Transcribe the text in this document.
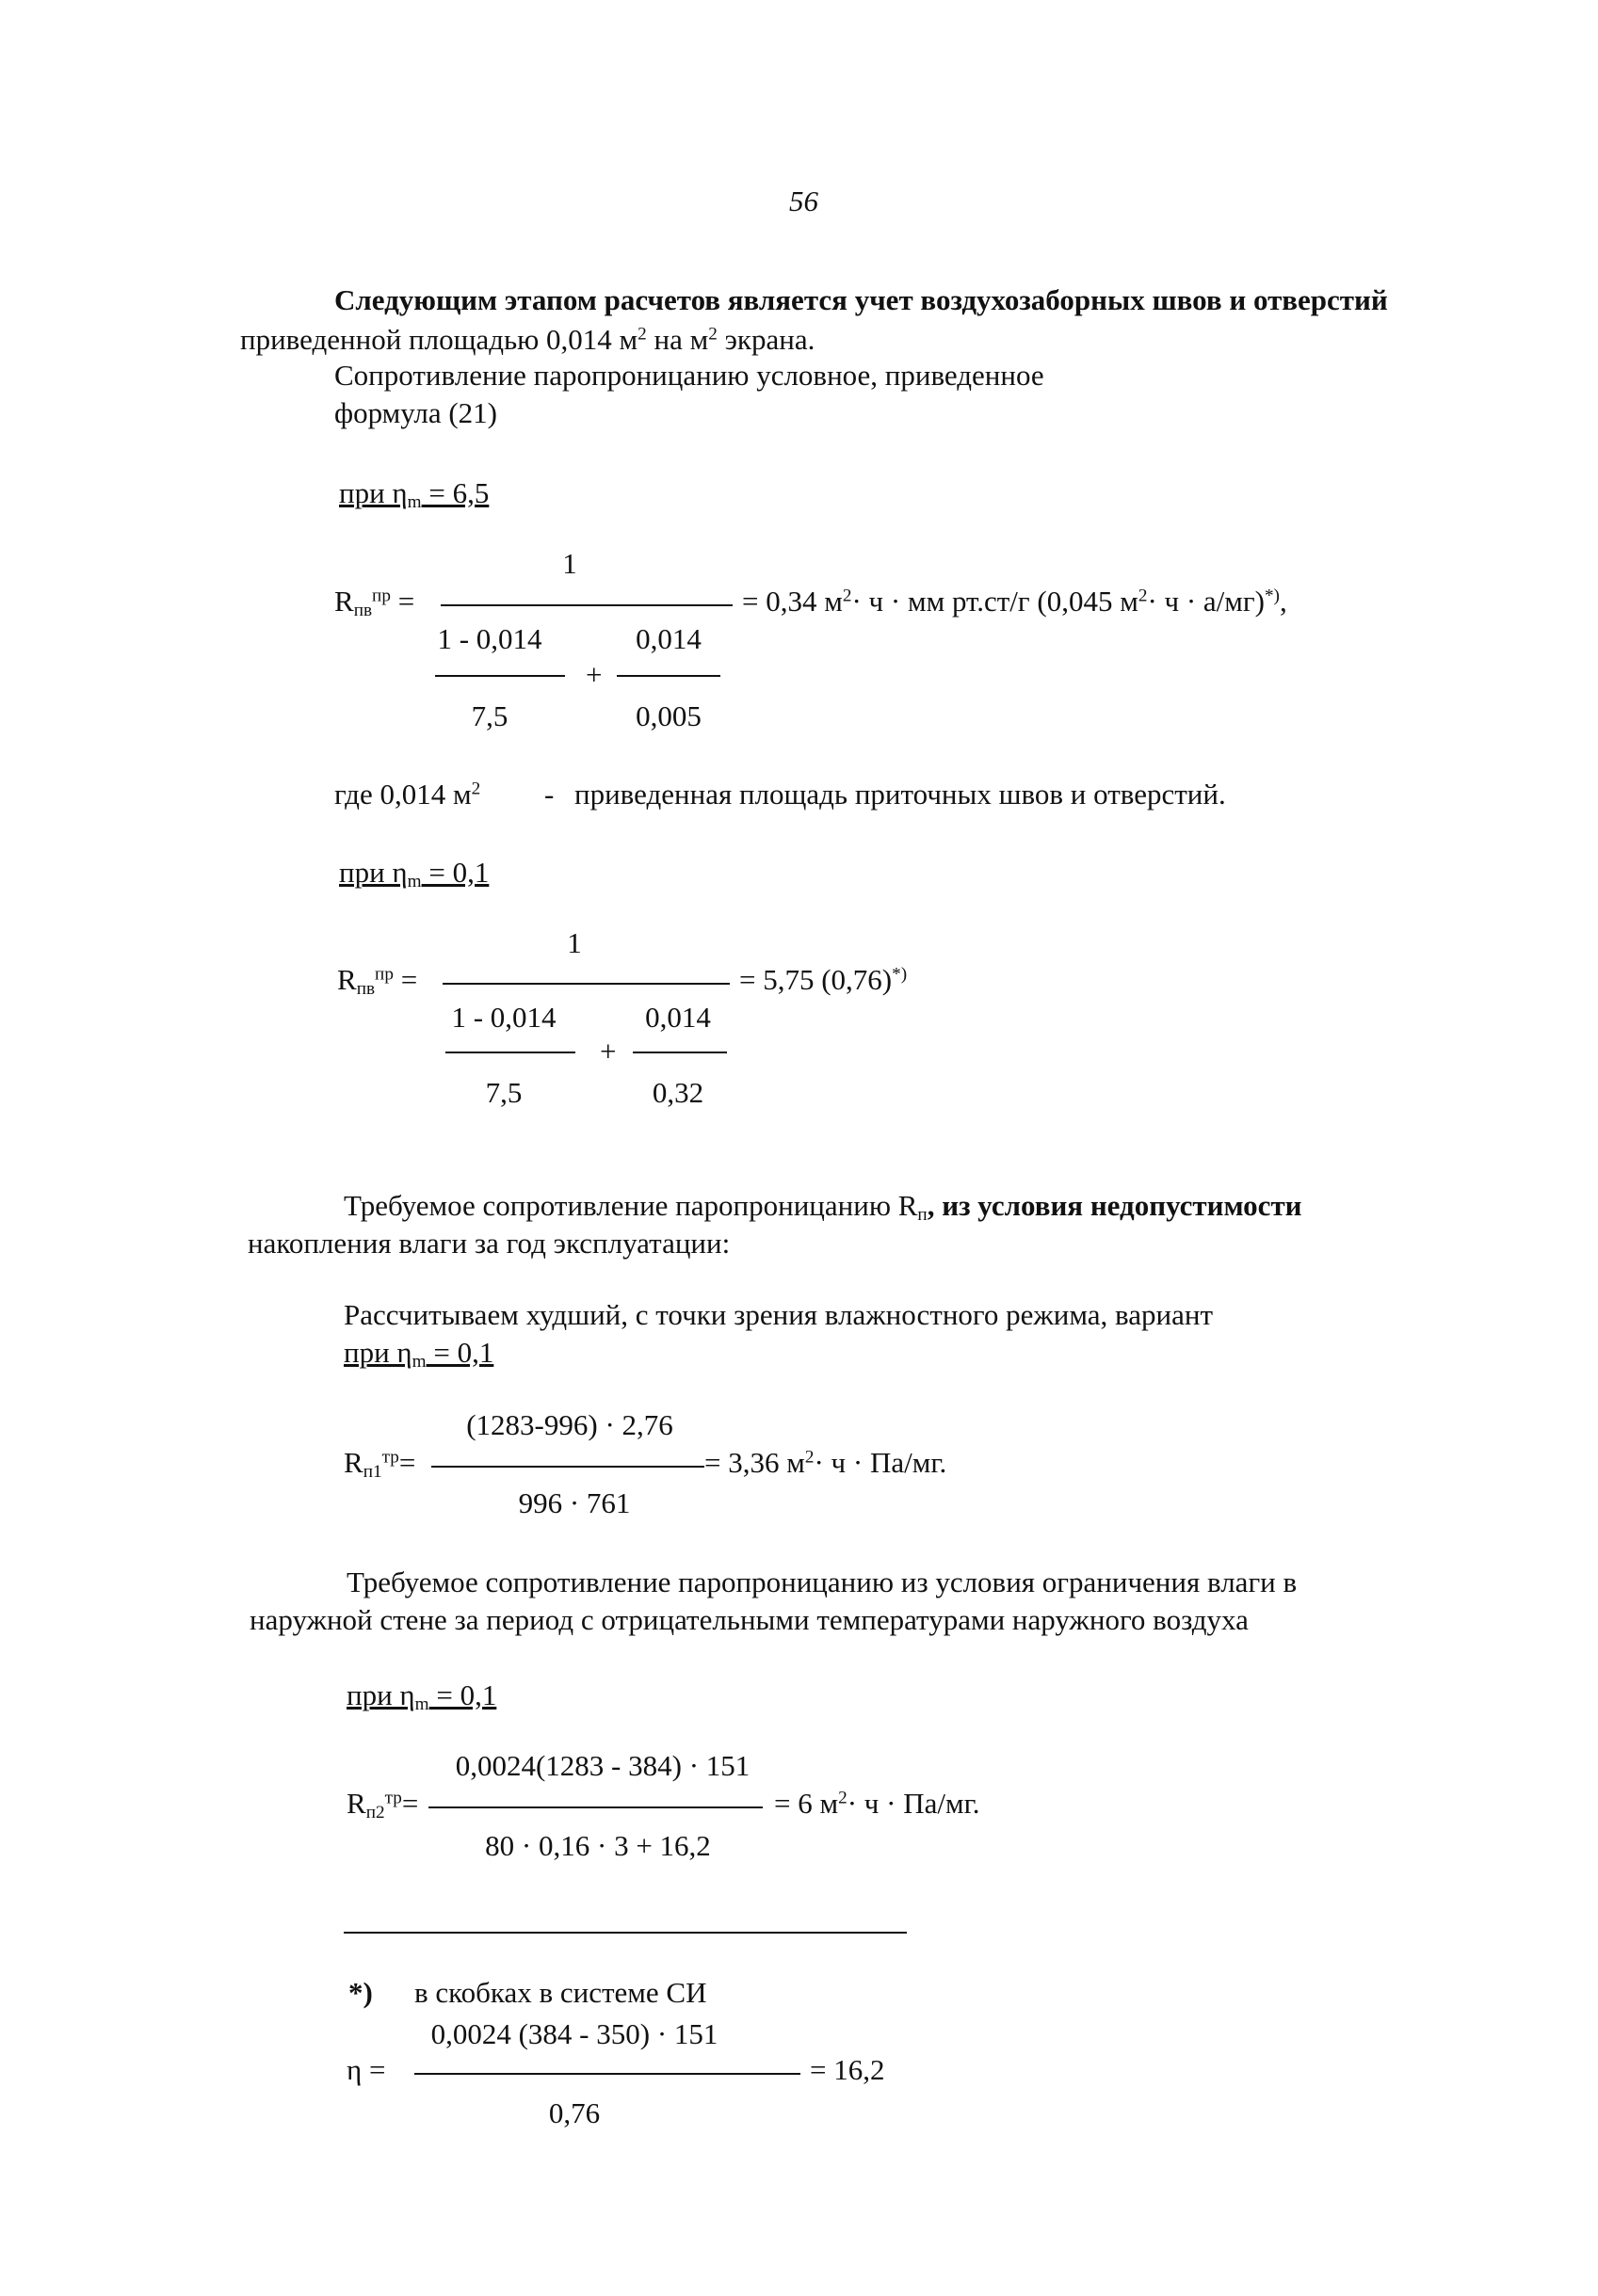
56
Следующим этапом расчетов является учет воздухозаборных швов и отверстий
приведенной площадью 0,014 $м^2$ на $м^2$ экрана.
Сопротивление паропроницанию условное, приведенное
формула (21)
при $\eta_m = 6,5$
1
$R_{пв}^{пр}$ =	= 0,34 $м^2\cdot ч$ · мм рт.ст/г (0,045 $м^2\cdot ч \cdot а/мг)^{*)}$,
1 - 0,014	0,014
+
7,5	0,005
где 0,014 $м^2$ - приведенная площадь приточных швов и отверстий.
при $\eta_m = 0,1$
1
$R_{пв}^{пр}$ =	= 5,75 (0,76)*)
1 - 0,014	0,014
+
7,5	0,32
Требуемое сопротивление паропроницанию $R_п$, из условия недопустимости
накопления влаги за год эксплуатации:
Рассчитываем худший, с точки зрения влажностного режима, вариант
при $\eta_m = 0,1$
(1283-996) · 2,76
$R_{п1}^{тр}=$	= 3,36 $м^2\cdot ч \cdot Па/мг$.
996 · 761
Требуемое сопротивление паропроницанию из условия ограничения влаги в
наружной стене за период с отрицательными температурами наружного воздуха
при $\eta_m = 0,1$
0,0024(1283 - 384) · 151
$R_{п2}^{тр}=$	= 6 $м^2\cdot ч \cdot Па/мг$.
80 · 0,16 · 3 + 16,2
*) в скобках в системе СИ
0,0024 (384 - 350) · 151
η =	= 16,2
0,76
